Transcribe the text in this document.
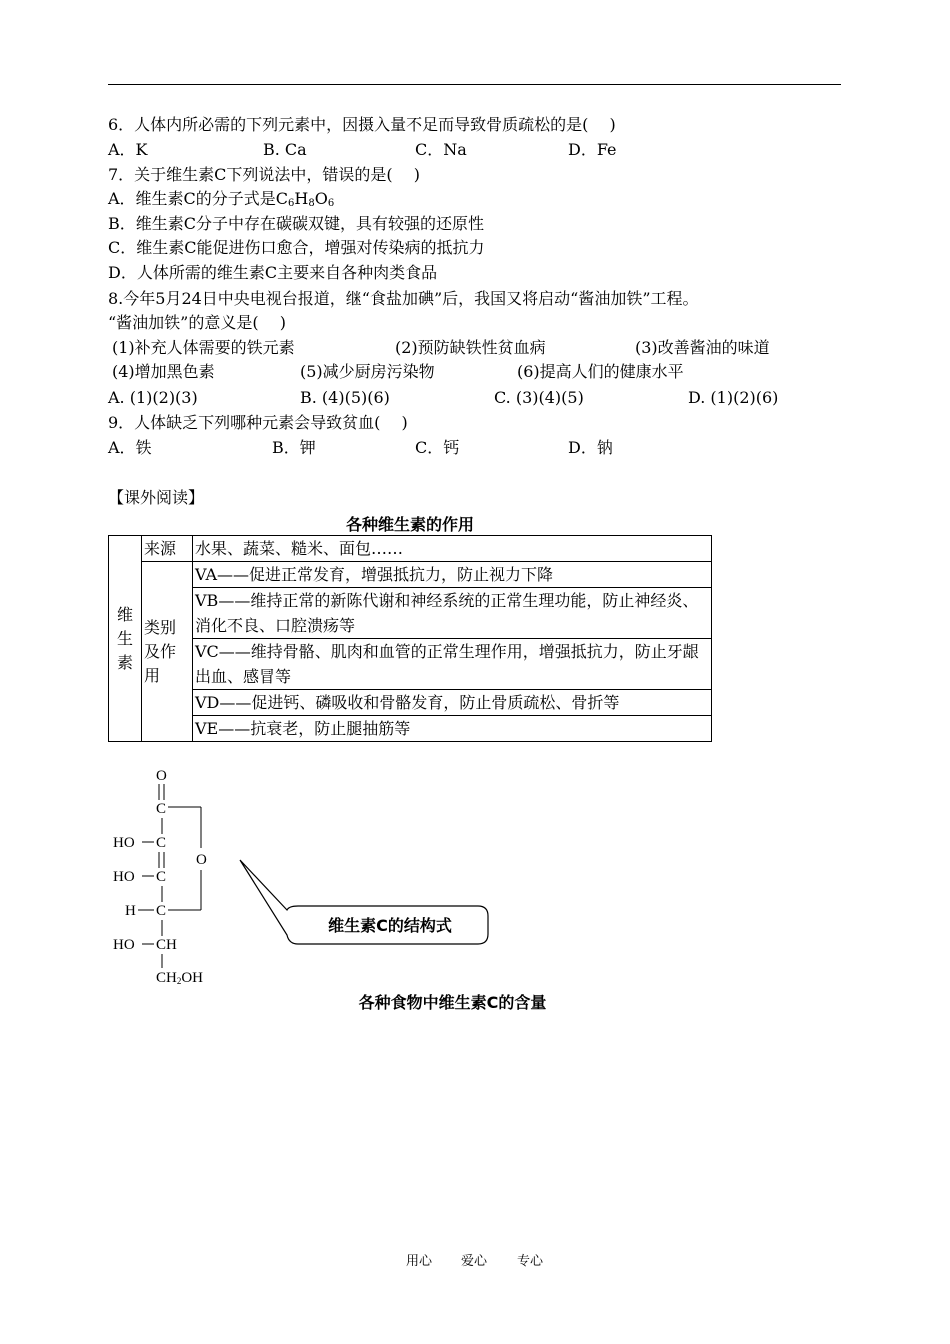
6．人体内所必需的下列元素中，因摄入量不足而导致骨质疏松的是(　 )
A．K	B. Ca	C．Na	D．Fe
7．关于维生素C下列说法中，错误的是(　 )
A．维生素C的分子式是$C_6H_8O_6$
B．维生素C分子中存在碳碳双键，具有较强的还原性
C．维生素C能促进伤口愈合，增强对传染病的抵抗力
D．人体所需的维生素C主要来自各种肉类食品
8.今年5月24日中央电视台报道，继“食盐加碘”后，我国又将启动“酱油加铁”工程。
“酱油加铁”的意义是(　 )
(1)补充人体需要的铁元素	(2)预防缺铁性贫血病	(3)改善酱油的味道
(4)增加黑色素	(5)减少厨房污染物	(6)提高人们的健康水平
A. (1)(2)(3)	B. (4)(5)(6)	C. (3)(4)(5)	D. (1)(2)(6)
9．人体缺乏下列哪种元素会导致贫血(　 )
A．铁	B．钾	C．钙	D．钠
【课外阅读】
各种维生素的作用
维生素	来源	水果、蔬菜、糙米、面包……

	类别及作用	VA——促进正常发育，增强抵抗力，防止视力下降
		VB——维持正常的新陈代谢和神经系统的正常生理功能，防止神经炎、消化不良、口腔溃疡等
		VC——维持骨骼、肌肉和血管的正常生理作用，增强抵抗力，防止牙龈出血、感冒等
		VD——促进钙、磷吸收和骨骼发育，防止骨质疏松、骨折等
		VE——抗衰老，防止腿抽筋等
O
C
HO C
O
HO C
H C
HO CH
CH2OH
维生素C的结构式
各种食物中维生素C的含量
用心 爱心 专心
